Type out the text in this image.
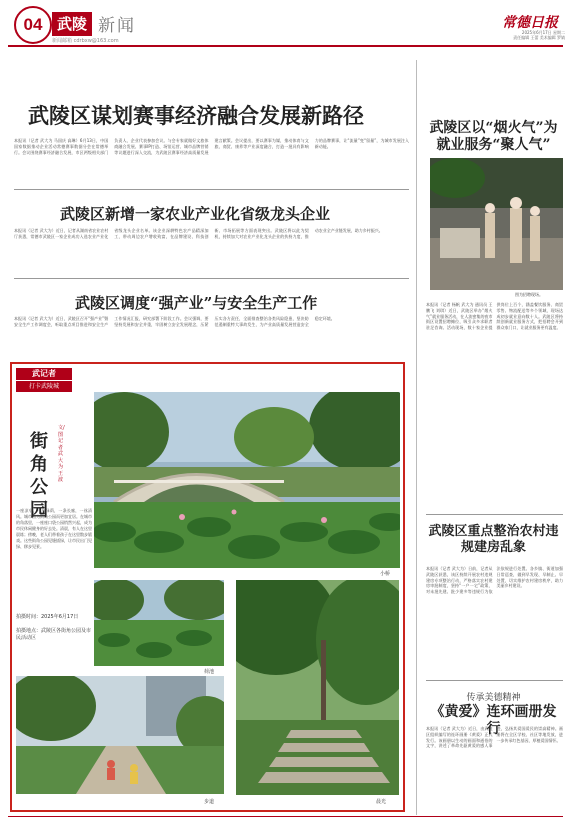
04 武陵 新闻
新闻邮箱 cdrbxw@163.com
常德日报
2025年6月17日 星期二
责任编辑 王蕾 美术编辑 罗婧
武陵区谋划赛事经济融合发展新路径
本报讯（记者 武大为 马国庆 高琳）6月13日，中国国家数据推动企业活动常德赛事数据分会在常德举行。会议围绕赛事经济融合发展，市区两级相关部门负责人、企业代表参加会议。与会专家就做好文旅体商融合发展、赛事IP打造、场馆运营、城市品牌营销等议题进行深入交流，为武陵区赛事经济高质量发展建言献策。会议提出，要以赛事为媒，推动体育与文旅、商贸、康养等产业深度融合，打造一批具有影响力的品牌赛事，让“流量”变“留量”，为城市发展注入新动能。
武陵区新增一家农业产业化省级龙头企业
本报讯（记者 武大为）近日，记者从湖南省农业农村厅获悉，常德市武陵区一家企业成功入选农业产业化省级龙头企业名单。该企业深耕特色农产品精深加工，带动周边农户增收致富，在品牌建设、科技创新、市场拓展等方面表现突出。武陵区将以此为契机，持续加大对农业产业化龙头企业的扶持力度，推动农业全产业链发展，助力乡村振兴。
武陵区调度“强产业”与安全生产工作
本报讯（记者 武大为）近日，武陵区召开“强产业”暨安全生产工作调度会，听取重点项目推进和安全生产工作情况汇报，研究部署下阶段工作。会议强调，要坚持发展和安全并重，牢固树立安全发展理念，压紧压实各方责任，全面排查整治各类风险隐患，坚决防范遏制重特大事故发生，为产业高质量发展营造安全稳定环境。
武记者
打卡武陵城
街角公园
文/图 记者 武大为 王波
一座凉亭，一片绿荫，一条长廊，一丝清风。城市因为街角公园而更加宜居。在城市的角落里，一座座口袋公园悄然兴起，成为市民休闲健身的好去处。清晨，有人在这里晨练；傍晚，老人们带着孩子在这里散步嬉戏。这些街角公园见缝插绿，让市民出门见绿、移步见景。
拍摄时间：2025年6月17日
拍摄地点：武陵区各街角公园及市民活动区
小桥
荷池
晨光
步道
武陵区以“烟火气”为就业服务“聚人气”
图为招聘现场。
本报讯（记者 杨帆 武大为 通讯员 王鹏飞 刘琪）近日，武陵区举办“烟火气”就业服务活动，在人流密集的夜市街区设置招聘摊位，吸引众多求职者驻足咨询。活动现场，数十家企业提供岗位上百个，涵盖餐饮服务、商贸零售、物流配送等多个领域，现场达成初步就业意向数十人。武陵区将持续创新就业服务方式，把招聘会开到群众家门口，让就业服务更有温度。
武陵区重点整治农村违规建房乱象
本报讯（记者 武大为）日前，记者从武陵区获悉，该区持续开展农村违规建房专项整治行动，严格落实农村建房审批制度，坚持“一户一宅”政策，对未批先建、批少建多等违规行为依法依规进行处置。各乡镇、街道加强日常巡查，做到早发现、早制止、早处置，切实维护农村建房秩序，助力美丽乡村建设。
传承美德精神
《黄爱》连环画册发行
本报讯（记者 武大为）近日，由武陵区组织编写的连环画册《黄爱》正式发行。该画册以生动的画面和通俗的文字，讲述了革命先驱黄爱的感人事迹，弘扬其爱国爱民的崇高精神。画册将在全区学校、社区等地发放，进一步传承红色基因，厚植爱国情怀。
